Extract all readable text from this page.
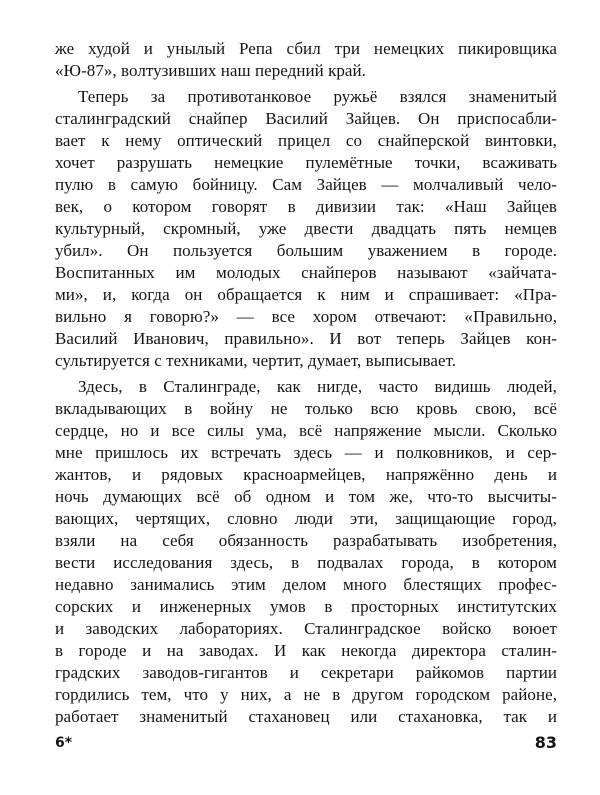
же худой и унылый Репа сбил три немецких пикировщика
«Ю-87», волтузивших наш передний край.
Теперь за противотанковое ружьё взялся знаменитый
сталинградский снайпер Василий Зайцев. Он приспосабли-
вает к нему оптический прицел со снайперской винтовки,
хочет разрушать немецкие пулемётные точки, всаживать
пулю в самую бойницу. Сам Зайцев — молчаливый чело-
век, о котором говорят в дивизии так: «Наш Зайцев
культурный, скромный, уже двести двадцать пять немцев
убил». Он пользуется большим уважением в городе.
Воспитанных им молодых снайперов называют «зайчата-
ми», и, когда он обращается к ним и спрашивает: «Пра-
вильно я говорю?» — все хором отвечают: «Правильно,
Василий Иванович, правильно». И вот теперь Зайцев кон-
сультируется с техниками, чертит, думает, выписывает.
Здесь, в Сталинграде, как нигде, часто видишь людей,
вкладывающих в войну не только всю кровь свою, всё
сердце, но и все силы ума, всё напряжение мысли. Сколько
мне пришлось их встречать здесь — и полковников, и сер-
жантов, и рядовых красноармейцев, напряжённо день и
ночь думающих всё об одном и том же, что-то высчиты-
вающих, чертящих, словно люди эти, защищающие город,
взяли на себя обязанность разрабатывать изобретения,
вести исследования здесь, в подвалах города, в котором
недавно занимались этим делом много блестящих профес-
сорских и инженерных умов в просторных институтских
и заводских лабораториях. Сталинградское войско воюет
в городе и на заводах. И как некогда директора сталин-
градских заводов-гигантов и секретари райкомов партии
гордились тем, что у них, а не в другом городском районе,
работает знаменитый стахановец или стахановка, так и
6*	83
